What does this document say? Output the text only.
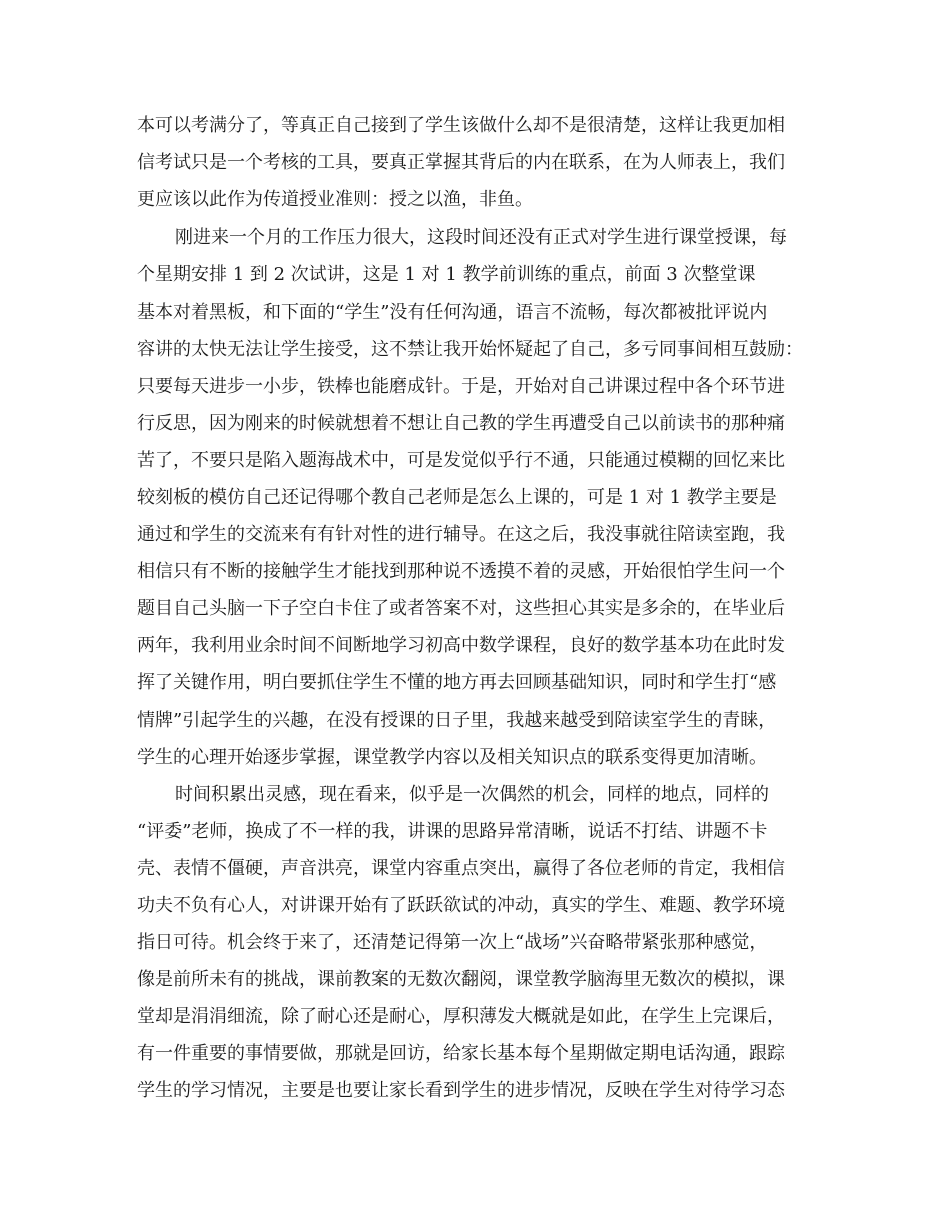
本可以考满分了，等真正自己接到了学生该做什么却不是很清楚，这样让我更加相
信考试只是一个考核的工具，要真正掌握其背后的内在联系，在为人师表上，我们
更应该以此作为传道授业准则：授之以渔，非鱼。
刚进来一个月的工作压力很大，这段时间还没有正式对学生进行课堂授课，每
个星期安排 1 到 2 次试讲，这是 1 对 1 教学前训练的重点，前面 3 次整堂课
基本对着黑板，和下面的“学生”没有任何沟通，语言不流畅，每次都被批评说内
容讲的太快无法让学生接受，这不禁让我开始怀疑起了自己，多亏同事间相互鼓励：
只要每天进步一小步，铁棒也能磨成针。于是，开始对自己讲课过程中各个环节进
行反思，因为刚来的时候就想着不想让自己教的学生再遭受自己以前读书的那种痛
苦了，不要只是陷入题海战术中，可是发觉似乎行不通，只能通过模糊的回忆来比
较刻板的模仿自己还记得哪个教自己老师是怎么上课的，可是 1 对 1 教学主要是
通过和学生的交流来有有针对性的进行辅导。在这之后，我没事就往陪读室跑，我
相信只有不断的接触学生才能找到那种说不透摸不着的灵感，开始很怕学生问一个
题目自己头脑一下子空白卡住了或者答案不对，这些担心其实是多余的，在毕业后
两年，我利用业余时间不间断地学习初高中数学课程，良好的数学基本功在此时发
挥了关键作用，明白要抓住学生不懂的地方再去回顾基础知识，同时和学生打“感
情牌”引起学生的兴趣，在没有授课的日子里，我越来越受到陪读室学生的青睐，
学生的心理开始逐步掌握，课堂教学内容以及相关知识点的联系变得更加清晰。
时间积累出灵感，现在看来，似乎是一次偶然的机会，同样的地点，同样的
“评委”老师，换成了不一样的我，讲课的思路异常清晰，说话不打结、讲题不卡
壳、表情不僵硬，声音洪亮，课堂内容重点突出，赢得了各位老师的肯定，我相信
功夫不负有心人，对讲课开始有了跃跃欲试的冲动，真实的学生、难题、教学环境
指日可待。机会终于来了，还清楚记得第一次上“战场”兴奋略带紧张那种感觉，
像是前所未有的挑战，课前教案的无数次翻阅，课堂教学脑海里无数次的模拟，课
堂却是涓涓细流，除了耐心还是耐心，厚积薄发大概就是如此，在学生上完课后，
有一件重要的事情要做，那就是回访，给家长基本每个星期做定期电话沟通，跟踪
学生的学习情况，主要是也要让家长看到学生的进步情况，反映在学生对待学习态
